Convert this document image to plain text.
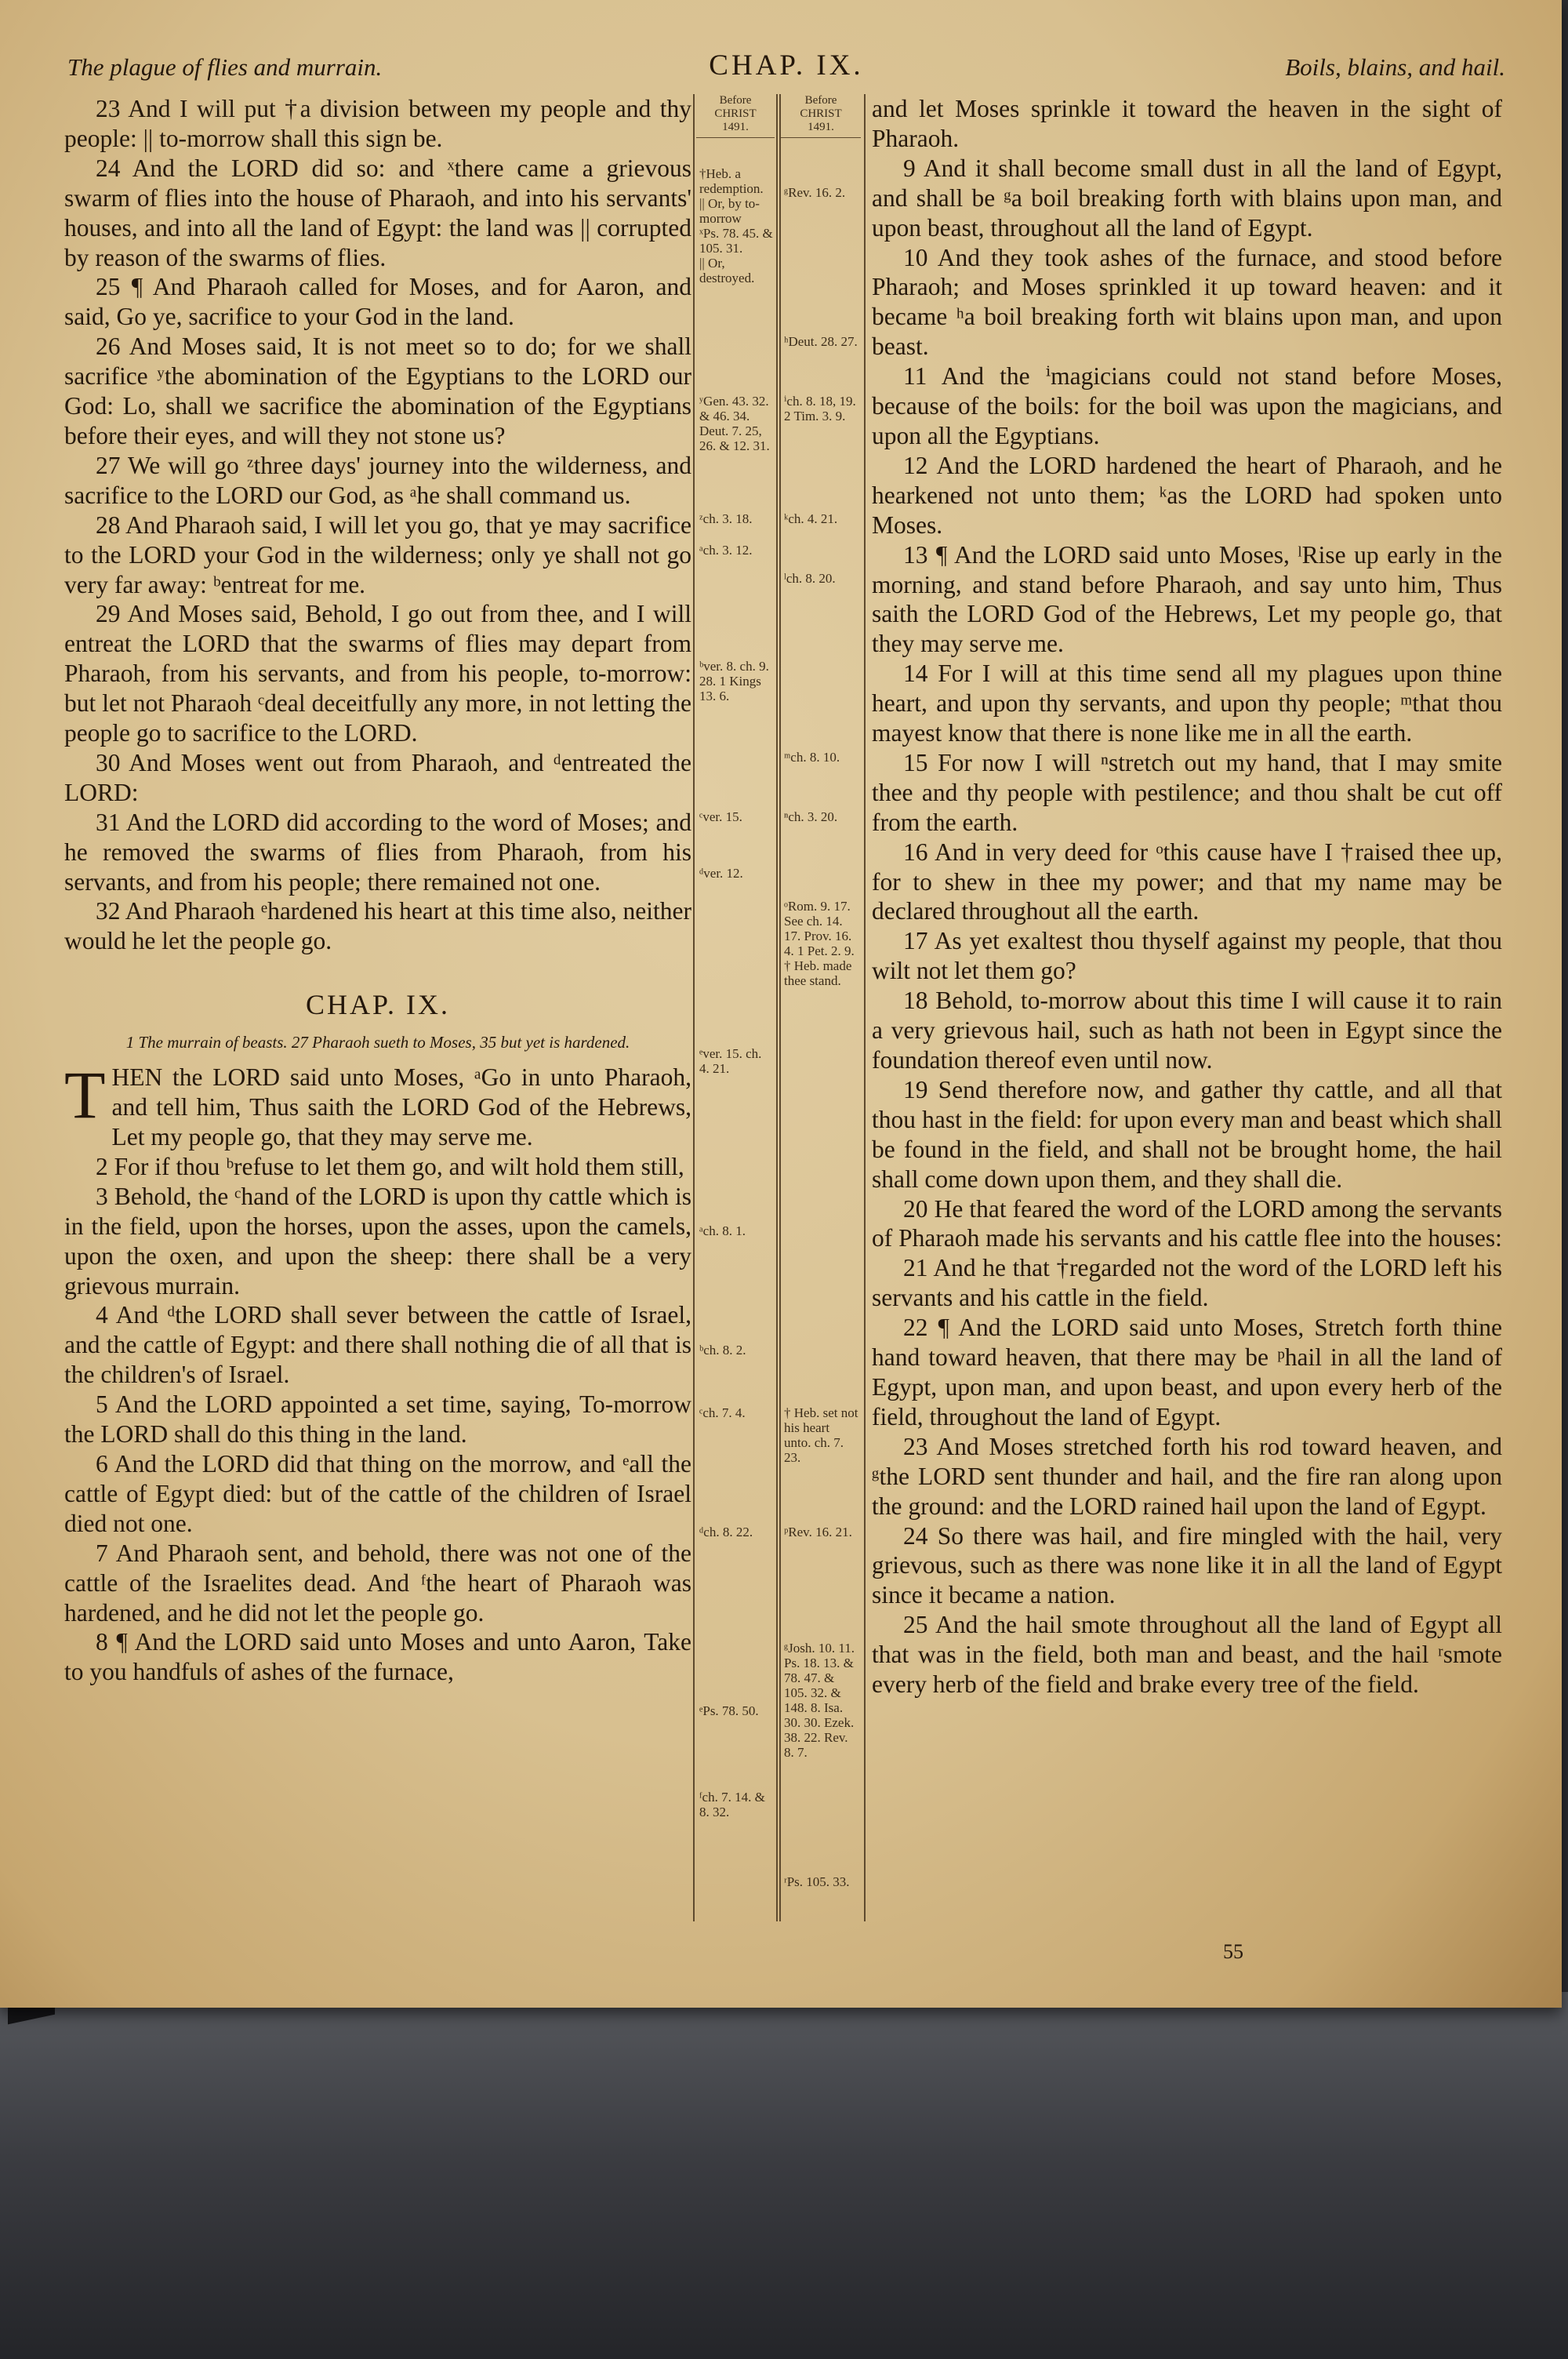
The plague of flies and murrain.	CHAP. IX.	Boils, blains, and hail.

23 And I will put †a division between my people and thy people: || to-morrow shall this sign be.

24 And the LORD did so: and ˣthere came a grievous swarm of flies into the house of Pharaoh, and into his servants' houses, and into all the land of Egypt: the land was || corrupted by reason of the swarms of flies.

25 ¶ And Pharaoh called for Moses, and for Aaron, and said, Go ye, sacrifice to your God in the land.

26 And Moses said, It is not meet so to do; for we shall sacrifice ʸthe abomination of the Egyptians to the LORD our God: Lo, shall we sacrifice the abomination of the Egyptians before their eyes, and will they not stone us?

27 We will go ᶻthree days' journey into the wilderness, and sacrifice to the LORD our God, as ᵃhe shall command us.

28 And Pharaoh said, I will let you go, that ye may sacrifice to the LORD your God in the wilderness; only ye shall not go very far away: ᵇentreat for me.

29 And Moses said, Behold, I go out from thee, and I will entreat the LORD that the swarms of flies may depart from Pharaoh, from his servants, and from his people, to-morrow: but let not Pharaoh ᶜdeal deceitfully any more, in not letting the people go to sacrifice to the LORD.

30 And Moses went out from Pharaoh, and ᵈentreated the LORD:

31 And the LORD did according to the word of Moses; and he removed the swarms of flies from Pharaoh, from his servants, and from his people; there remained not one.

32 And Pharaoh ᵉhardened his heart at this time also, neither would he let the people go.

CHAP. IX.
1 The murrain of beasts. 27 Pharaoh sueth to Moses, 35 but yet is hardened.

THEN the LORD said unto Moses, ᵃGo in unto Pharaoh, and tell him, Thus saith the LORD God of the Hebrews, Let my people go, that they may serve me.

2 For if thou ᵇrefuse to let them go, and wilt hold them still,

3 Behold, the ᶜhand of the LORD is upon thy cattle which is in the field, upon the horses, upon the asses, upon the camels, upon the oxen, and upon the sheep: there shall be a very grievous murrain.

4 And ᵈthe LORD shall sever between the cattle of Israel, and the cattle of Egypt: and there shall nothing die of all that is the children's of Israel.

5 And the LORD appointed a set time, saying, To-morrow the LORD shall do this thing in the land.

6 And the LORD did that thing on the morrow, and ᵉall the cattle of Egypt died: but of the cattle of the children of Israel died not one.

7 And Pharaoh sent, and behold, there was not one of the cattle of the Israelites dead. And ᶠthe heart of Pharaoh was hardened, and he did not let the people go.

8 ¶ And the LORD said unto Moses and unto Aaron, Take to you handfuls of ashes of the furnace,

Before
CHRIST
1491.
†Heb. a redemption.
|| Or, by to-morrow
ˣPs. 78. 45. & 105. 31.
|| Or, destroyed.
ʸGen. 43. 32. & 46. 34. Deut. 7. 25, 26. & 12. 31.
ᶻch. 3. 18.
ᵃch. 3. 12.
ᵇver. 8. ch. 9. 28. 1 Kings 13. 6.
ᶜver. 15.
ᵈver. 12.
ᵉver. 15. ch. 4. 21.
ᵃch. 8. 1.
ᵇch. 8. 2.
ᶜch. 7. 4.
ᵈch. 8. 22.
ᵉPs. 78. 50.
ᶠch. 7. 14. & 8. 32.
Before
CHRIST
1491.
ᵍRev. 16. 2.
ʰDeut. 28. 27.
ⁱch. 8. 18, 19. 2 Tim. 3. 9.
ᵏch. 4. 21.
ˡch. 8. 20.
ᵐch. 8. 10.
ⁿch. 3. 20.
ᵒRom. 9. 17. See ch. 14. 17. Prov. 16. 4. 1 Pet. 2. 9. † Heb. made thee stand.
† Heb. set not his heart unto. ch. 7. 23.
ᵖRev. 16. 21.
ᵍJosh. 10. 11. Ps. 18. 13. & 78. 47. & 105. 32. & 148. 8. Isa. 30. 30. Ezek. 38. 22. Rev. 8. 7.
ʳPs. 105. 33.

and let Moses sprinkle it toward the heaven in the sight of Pharaoh.

9 And it shall become small dust in all the land of Egypt, and shall be ᵍa boil breaking forth with blains upon man, and upon beast, throughout all the land of Egypt.

10 And they took ashes of the furnace, and stood before Pharaoh; and Moses sprinkled it up toward heaven: and it became ʰa boil breaking forth wit blains upon man, and upon beast.

11 And the ⁱmagicians could not stand before Moses, because of the boils: for the boil was upon the magicians, and upon all the Egyptians.

12 And the LORD hardened the heart of Pharaoh, and he hearkened not unto them; ᵏas the LORD had spoken unto Moses.

13 ¶ And the LORD said unto Moses, ˡRise up early in the morning, and stand before Pharaoh, and say unto him, Thus saith the LORD God of the Hebrews, Let my people go, that they may serve me.

14 For I will at this time send all my plagues upon thine heart, and upon thy servants, and upon thy people; ᵐthat thou mayest know that there is none like me in all the earth.

15 For now I will ⁿstretch out my hand, that I may smite thee and thy people with pestilence; and thou shalt be cut off from the earth.

16 And in very deed for ᵒthis cause have I †raised thee up, for to shew in thee my power; and that my name may be declared throughout all the earth.

17 As yet exaltest thou thyself against my people, that thou wilt not let them go?

18 Behold, to-morrow about this time I will cause it to rain a very grievous hail, such as hath not been in Egypt since the foundation thereof even until now.

19 Send therefore now, and gather thy cattle, and all that thou hast in the field: for upon every man and beast which shall be found in the field, and shall not be brought home, the hail shall come down upon them, and they shall die.

20 He that feared the word of the LORD among the servants of Pharaoh made his servants and his cattle flee into the houses:

21 And he that †regarded not the word of the LORD left his servants and his cattle in the field.

22 ¶ And the LORD said unto Moses, Stretch forth thine hand toward heaven, that there may be ᵖhail in all the land of Egypt, upon man, and upon beast, and upon every herb of the field, throughout the land of Egypt.

23 And Moses stretched forth his rod toward heaven, and ᵍthe LORD sent thunder and hail, and the fire ran along upon the ground: and the LORD rained hail upon the land of Egypt.

24 So there was hail, and fire mingled with the hail, very grievous, such as there was none like it in all the land of Egypt since it became a nation.

25 And the hail smote throughout all the land of Egypt all that was in the field, both man and beast, and the hail ʳsmote every herb of the field and brake every tree of the field.

55
